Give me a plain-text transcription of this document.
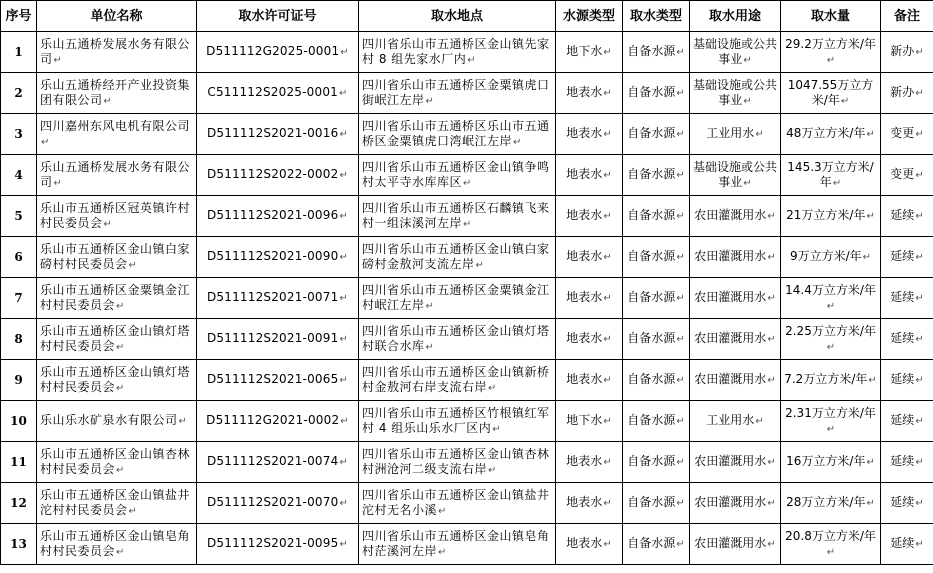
序号	单位名称	取水许可证号	取水地点	水源类型	取水类型	取水用途	取水量	备注
1	乐山五通桥发展水务有限公司↵	D511112G2025-0001↵	四川省乐山市五通桥区金山镇先家村 8 组先家水厂内↵	地下水↵	自备水源↵	基础设施或公共事业↵	29.2万立方米/年↵	新办↵
2	乐山五通桥经开产业投资集团有限公司↵	C511112S2025-0001↵	四川省乐山市五通桥区金粟镇虎口街岷江左岸↵	地表水↵	自备水源↵	基础设施或公共事业↵	1047.55万立方米/年↵	新办↵
3	四川嘉州东风电机有限公司↵	D511112S2021-0016↵	四川省乐山市五通桥区乐山市五通桥区金粟镇虎口湾岷江左岸↵	地表水↵	自备水源↵	工业用水↵	48万立方米/年↵	变更↵
4	乐山五通桥发展水务有限公司↵	D511112S2022-0002↵	四川省乐山市五通桥区金山镇争鸣村太平寺水库库区↵	地表水↵	自备水源↵	基础设施或公共事业↵	145.3万立方米/年↵	变更↵
5	乐山市五通桥区冠英镇许村村民委员会↵	D511112S2021-0096↵	四川省乐山市五通桥区石麟镇飞来村一组沫溪河左岸↵	地表水↵	自备水源↵	农田灌溉用水↵	21万立方米/年↵	延续↵
6	乐山市五通桥区金山镇白家磅村村民委员会↵	D511112S2021-0090↵	四川省乐山市五通桥区金山镇白家磅村金敖河支流左岸↵	地表水↵	自备水源↵	农田灌溉用水↵	9万立方米/年↵	延续↵
7	乐山市五通桥区金粟镇金江村村民委员会↵	D511112S2021-0071↵	四川省乐山市五通桥区金粟镇金江村岷江左岸↵	地表水↵	自备水源↵	农田灌溉用水↵	14.4万立方米/年↵	延续↵
8	乐山市五通桥区金山镇灯塔村村民委员会↵	D511112S2021-0091↵	四川省乐山市五通桥区金山镇灯塔村联合水库↵	地表水↵	自备水源↵	农田灌溉用水↵	2.25万立方米/年↵	延续↵
9	乐山市五通桥区金山镇灯塔村村民委员会↵	D511112S2021-0065↵	四川省乐山市五通桥区金山镇新桥村金敖河右岸支流右岸↵	地表水↵	自备水源↵	农田灌溉用水↵	7.2万立方米/年↵	延续↵
10	乐山乐水矿泉水有限公司↵	D511112G2021-0002↵	四川省乐山市五通桥区竹根镇红军村 4 组乐山乐水厂区内↵	地下水↵	自备水源↵	工业用水↵	2.31万立方米/年↵	延续↵
11	乐山市五通桥区金山镇杏林村村民委员会↵	D511112S2021-0074↵	四川省乐山市五通桥区金山镇杏林村洲沧河二级支流右岸↵	地表水↵	自备水源↵	农田灌溉用水↵	16万立方米/年↵	延续↵
12	乐山市五通桥区金山镇盐井沱村村民委员会↵	D511112S2021-0070↵	四川省乐山市五通桥区金山镇盐井沱村无名小溪↵	地表水↵	自备水源↵	农田灌溉用水↵	28万立方米/年↵	延续↵
13	乐山市五通桥区金山镇皂角村村民委员会↵	D511112S2021-0095↵	四川省乐山市五通桥区金山镇皂角村茫溪河左岸↵	地表水↵	自备水源↵	农田灌溉用水↵	20.8万立方米/年↵	延续↵
